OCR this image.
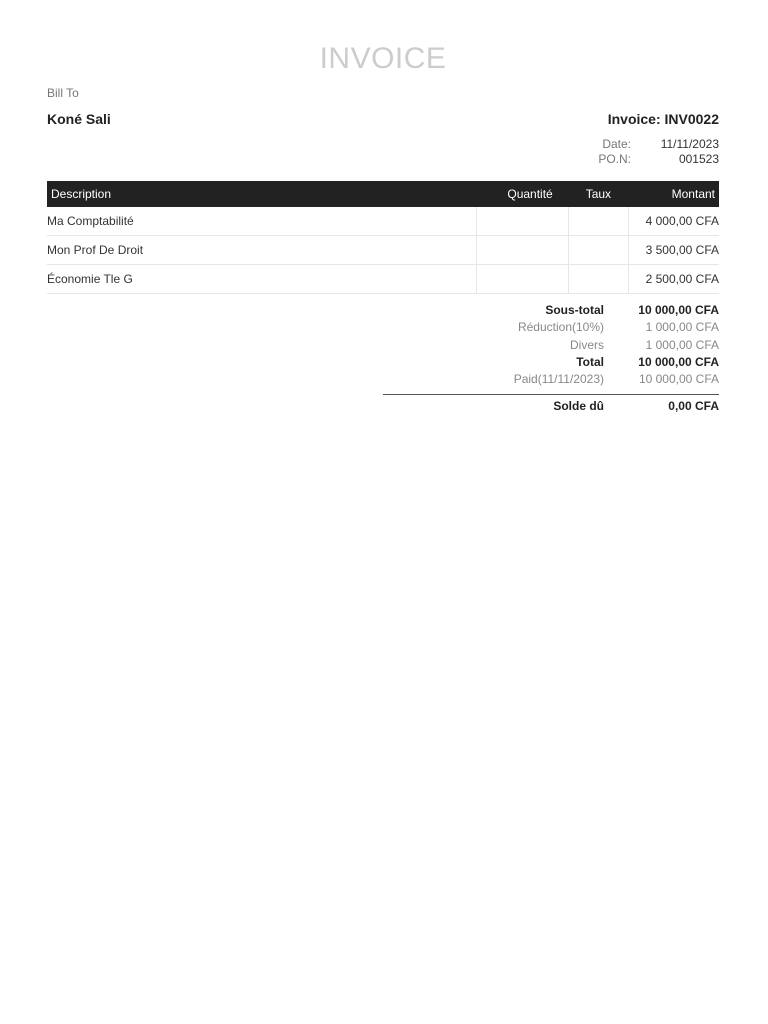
INVOICE
Bill To
Koné Sali	Invoice: INV0022
Date:	11/11/2023
PO.N:	001523
Description	Quantité	Taux	Montant
Ma Comptabilité			4 000,00 CFA
Mon Prof De Droit			3 500,00 CFA
Économie Tle G			2 500,00 CFA
Sous-total	10 000,00 CFA
Réduction(10%)	1 000,00 CFA
Divers	1 000,00 CFA
Total	10 000,00 CFA
Paid(11/11/2023)	10 000,00 CFA
Solde dû	0,00 CFA
